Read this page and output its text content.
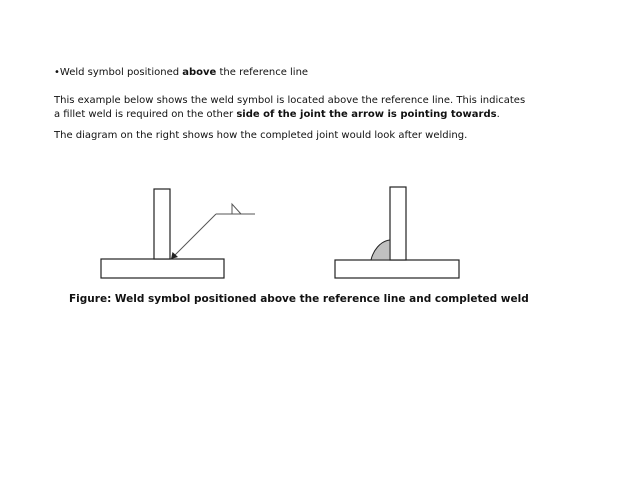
•Weld symbol positioned above the reference line
This example below shows the weld symbol is located above the reference line. This indicates
a fillet weld is required on the other side of the joint the arrow is pointing towards.
The diagram on the right shows how the completed joint would look after welding.
Figure: Weld symbol positioned above the reference line and completed weld
